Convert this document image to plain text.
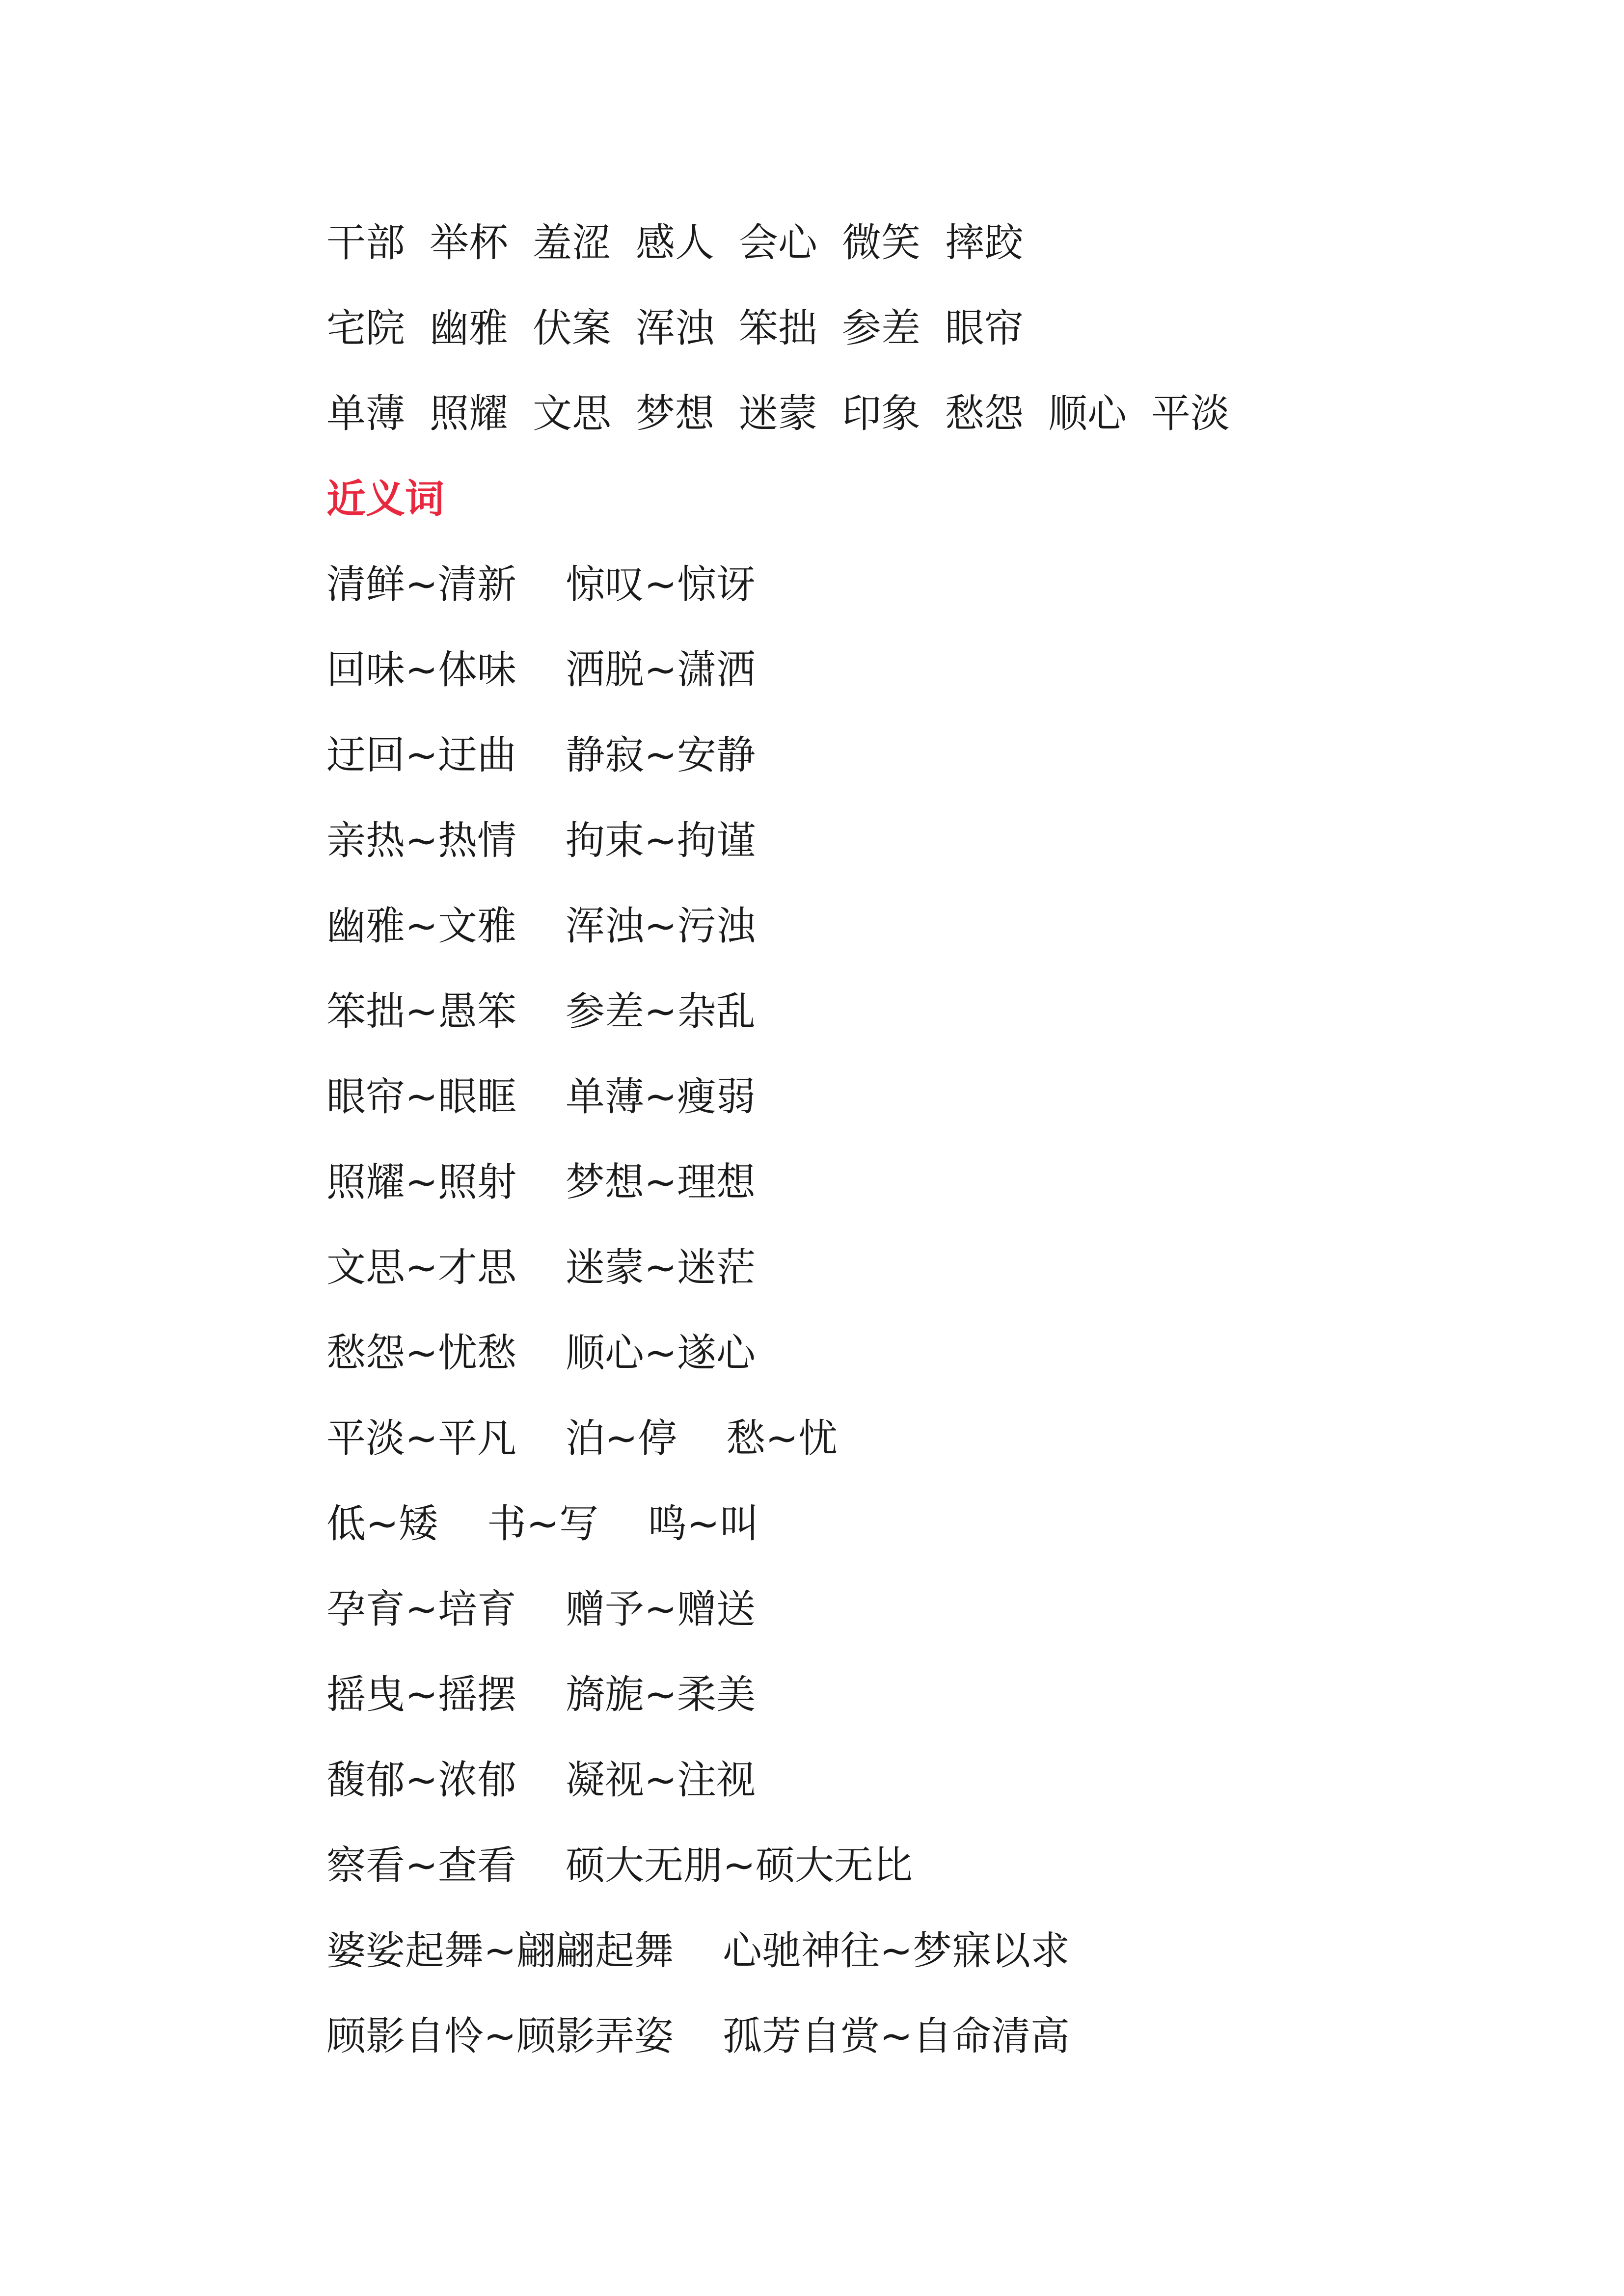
干部 举杯 羞涩 感人 会心 微笑 摔跤
宅院 幽雅 伏案 浑浊 笨拙 参差 眼帘
单薄 照耀 文思 梦想 迷蒙 印象 愁怨 顺心 平淡
近义词
清鲜~清新 惊叹~惊讶
回味~体味 洒脱~潇洒
迂回~迂曲 静寂~安静
亲热~热情 拘束~拘谨
幽雅~文雅 浑浊~污浊
笨拙~愚笨 参差~杂乱
眼帘~眼眶 单薄~瘦弱
照耀~照射 梦想~理想
文思~才思 迷蒙~迷茫
愁怨~忧愁 顺心~遂心
平淡~平凡 泊~停 愁~忧
低~矮 书~写 鸣~叫
孕育~培育 赠予~赠送
摇曳~摇摆 旖旎~柔美
馥郁~浓郁 凝视~注视
察看~查看 硕大无朋~硕大无比
婆娑起舞~翩翩起舞 心驰神往~梦寐以求
顾影自怜~顾影弄姿 孤芳自赏~自命清高
